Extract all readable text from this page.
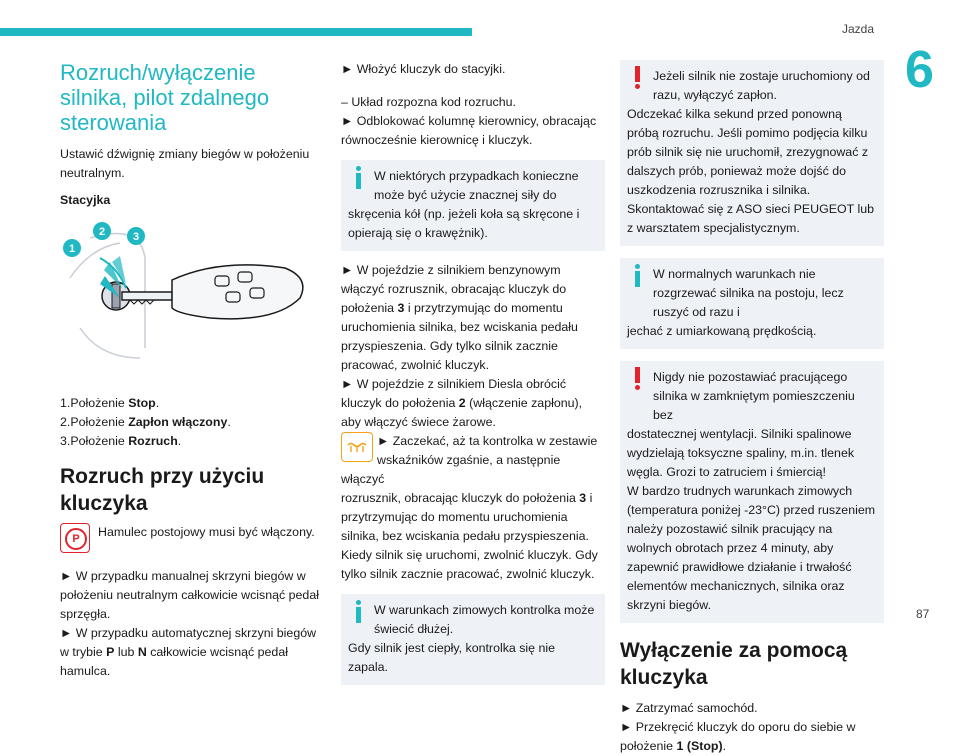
Jazda
6
87
Rozruch/wyłączenie silnika, pilot zdalnego sterowania

Ustawić dźwignię zmiany biegów w położeniu neutralnym.

Stacyjka

1
2	3

1.Położenie Stop.

2.Położenie Zapłon włączony.

3.Położenie Rozruch.

Rozruch przy użyciu kluczyka
P	Hamulec postojowy musi być włączony.

► W przypadku manualnej skrzyni biegów w położeniu neutralnym całkowicie wcisnąć pedał sprzęgła.

► W przypadku automatycznej skrzyni biegów w trybie P lub N całkowicie wcisnąć pedał hamulca.

► Włożyć kluczyk do stacyjki.

– Układ rozpozna kod rozruchu.

► Odblokować kolumnę kierownicy, obracając równocześnie kierownicę i kluczyk.

W niektórych przypadkach konieczne może być użycie znacznej siły do
skręcenia kół (np. jeżeli koła są skręcone i opierają się o krawężnik).

► W pojeździe z silnikiem benzynowym włączyć rozrusznik, obracając kluczyk do położenia 3 i przytrzymując do momentu uruchomienia silnika, bez wciskania pedału przyspieszenia. Gdy tylko silnik zacznie pracować, zwolnić kluczyk.

► W pojeździe z silnikiem Diesla obrócić kluczyk do położenia 2 (włączenie zapłonu), aby włączyć świece żarowe.

► Zaczekać, aż ta kontrolka w zestawie wskaźników zgaśnie, a następnie włączyć

rozrusznik, obracając kluczyk do położenia 3 i przytrzymując do momentu uruchomienia silnika, bez wciskania pedału przyspieszenia. Kiedy silnik się uruchomi, zwolnić kluczyk. Gdy tylko silnik zacznie pracować, zwolnić kluczyk.

W warunkach zimowych kontrolka może świecić dłużej.
Gdy silnik jest ciepły, kontrolka się nie zapala.
Jeżeli silnik nie zostaje uruchomiony od razu, wyłączyć zapłon.
Odczekać kilka sekund przed ponowną próbą rozruchu. Jeśli pomimo podjęcia kilku prób silnik się nie uruchomił, zrezygnować z dalszych prób, ponieważ może dojść do uszkodzenia rozrusznika i silnika. Skontaktować się z ASO sieci PEUGEOT lub z warsztatem specjalistycznym.
W normalnych warunkach nie rozgrzewać silnika na postoju, lecz ruszyć od razu i
jechać z umiarkowaną prędkością.
Nigdy nie pozostawiać pracującego silnika w zamkniętym pomieszczeniu bez
dostatecznej wentylacji. Silniki spalinowe wydzielają toksyczne spaliny, m.in. tlenek węgla. Grozi to zatruciem i śmiercią!
W bardzo trudnych warunkach zimowych (temperatura poniżej -23°C) przed ruszeniem należy pozostawić silnik pracujący na wolnych obrotach przez 4 minuty, aby zapewnić prawidłowe działanie i trwałość elementów mechanicznych, silnika oraz skrzyni biegów.
Wyłączenie za pomocą kluczyka

► Zatrzymać samochód.

► Przekręcić kluczyk do oporu do siebie w położenie 1 (Stop).
